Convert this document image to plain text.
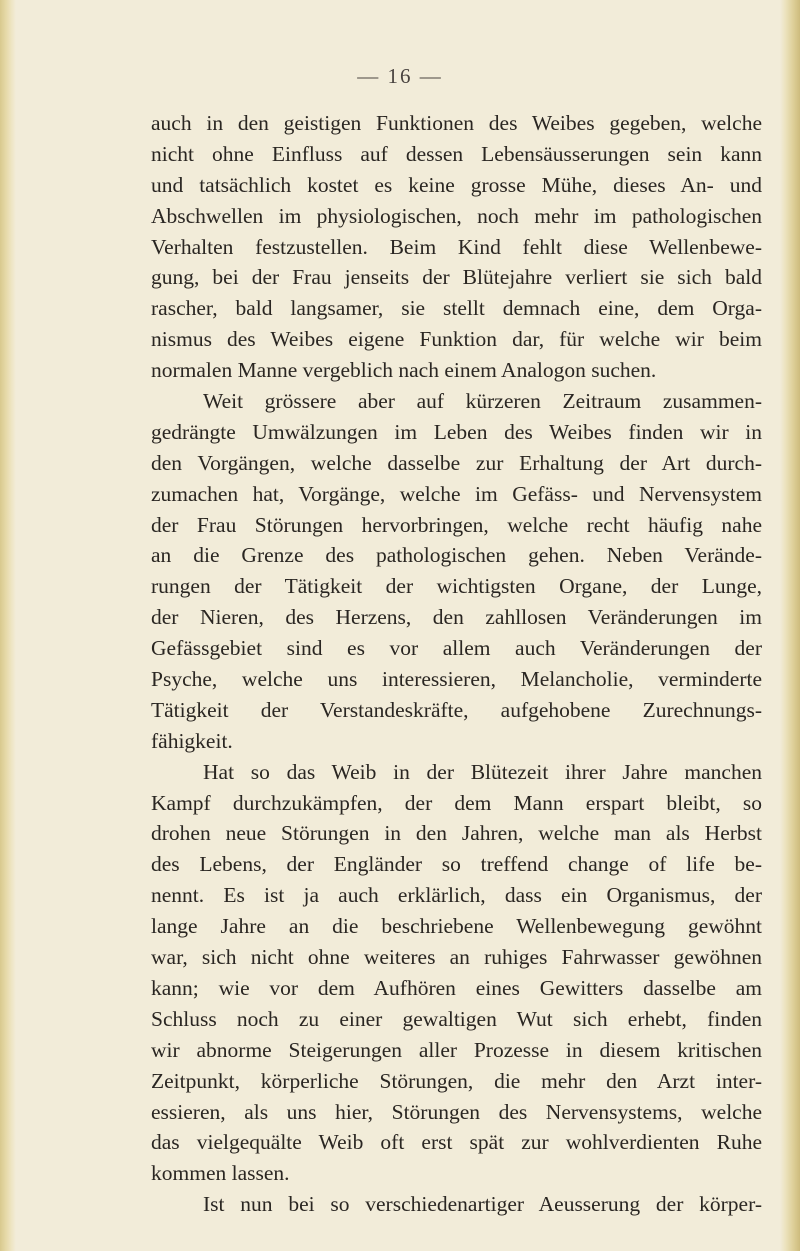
— 16 —
auch in den geistigen Funktionen des Weibes gegeben, welche
nicht ohne Einfluss auf dessen Lebensäusserungen sein kann
und tatsächlich kostet es keine grosse Mühe, dieses An- und
Abschwellen im physiologischen, noch mehr im pathologischen
Verhalten festzustellen. Beim Kind fehlt diese Wellenbewe-
gung, bei der Frau jenseits der Blütejahre verliert sie sich bald
rascher, bald langsamer, sie stellt demnach eine, dem Orga-
nismus des Weibes eigene Funktion dar, für welche wir beim
normalen Manne vergeblich nach einem Analogon suchen.
Weit grössere aber auf kürzeren Zeitraum zusammen-
gedrängte Umwälzungen im Leben des Weibes finden wir in
den Vorgängen, welche dasselbe zur Erhaltung der Art durch-
zumachen hat, Vorgänge, welche im Gefäss- und Nervensystem
der Frau Störungen hervorbringen, welche recht häufig nahe
an die Grenze des pathologischen gehen. Neben Verände-
rungen der Tätigkeit der wichtigsten Organe, der Lunge,
der Nieren, des Herzens, den zahllosen Veränderungen im
Gefässgebiet sind es vor allem auch Veränderungen der
Psyche, welche uns interessieren, Melancholie, verminderte
Tätigkeit der Verstandeskräfte, aufgehobene Zurechnungs-
fähigkeit.
Hat so das Weib in der Blütezeit ihrer Jahre manchen
Kampf durchzukämpfen, der dem Mann erspart bleibt, so
drohen neue Störungen in den Jahren, welche man als Herbst
des Lebens, der Engländer so treffend change of life be-
nennt. Es ist ja auch erklärlich, dass ein Organismus, der
lange Jahre an die beschriebene Wellenbewegung gewöhnt
war, sich nicht ohne weiteres an ruhiges Fahrwasser gewöhnen
kann; wie vor dem Aufhören eines Gewitters dasselbe am
Schluss noch zu einer gewaltigen Wut sich erhebt, finden
wir abnorme Steigerungen aller Prozesse in diesem kritischen
Zeitpunkt, körperliche Störungen, die mehr den Arzt inter-
essieren, als uns hier, Störungen des Nervensystems, welche
das vielgequälte Weib oft erst spät zur wohlverdienten Ruhe
kommen lassen.
Ist nun bei so verschiedenartiger Aeusserung der körper-
